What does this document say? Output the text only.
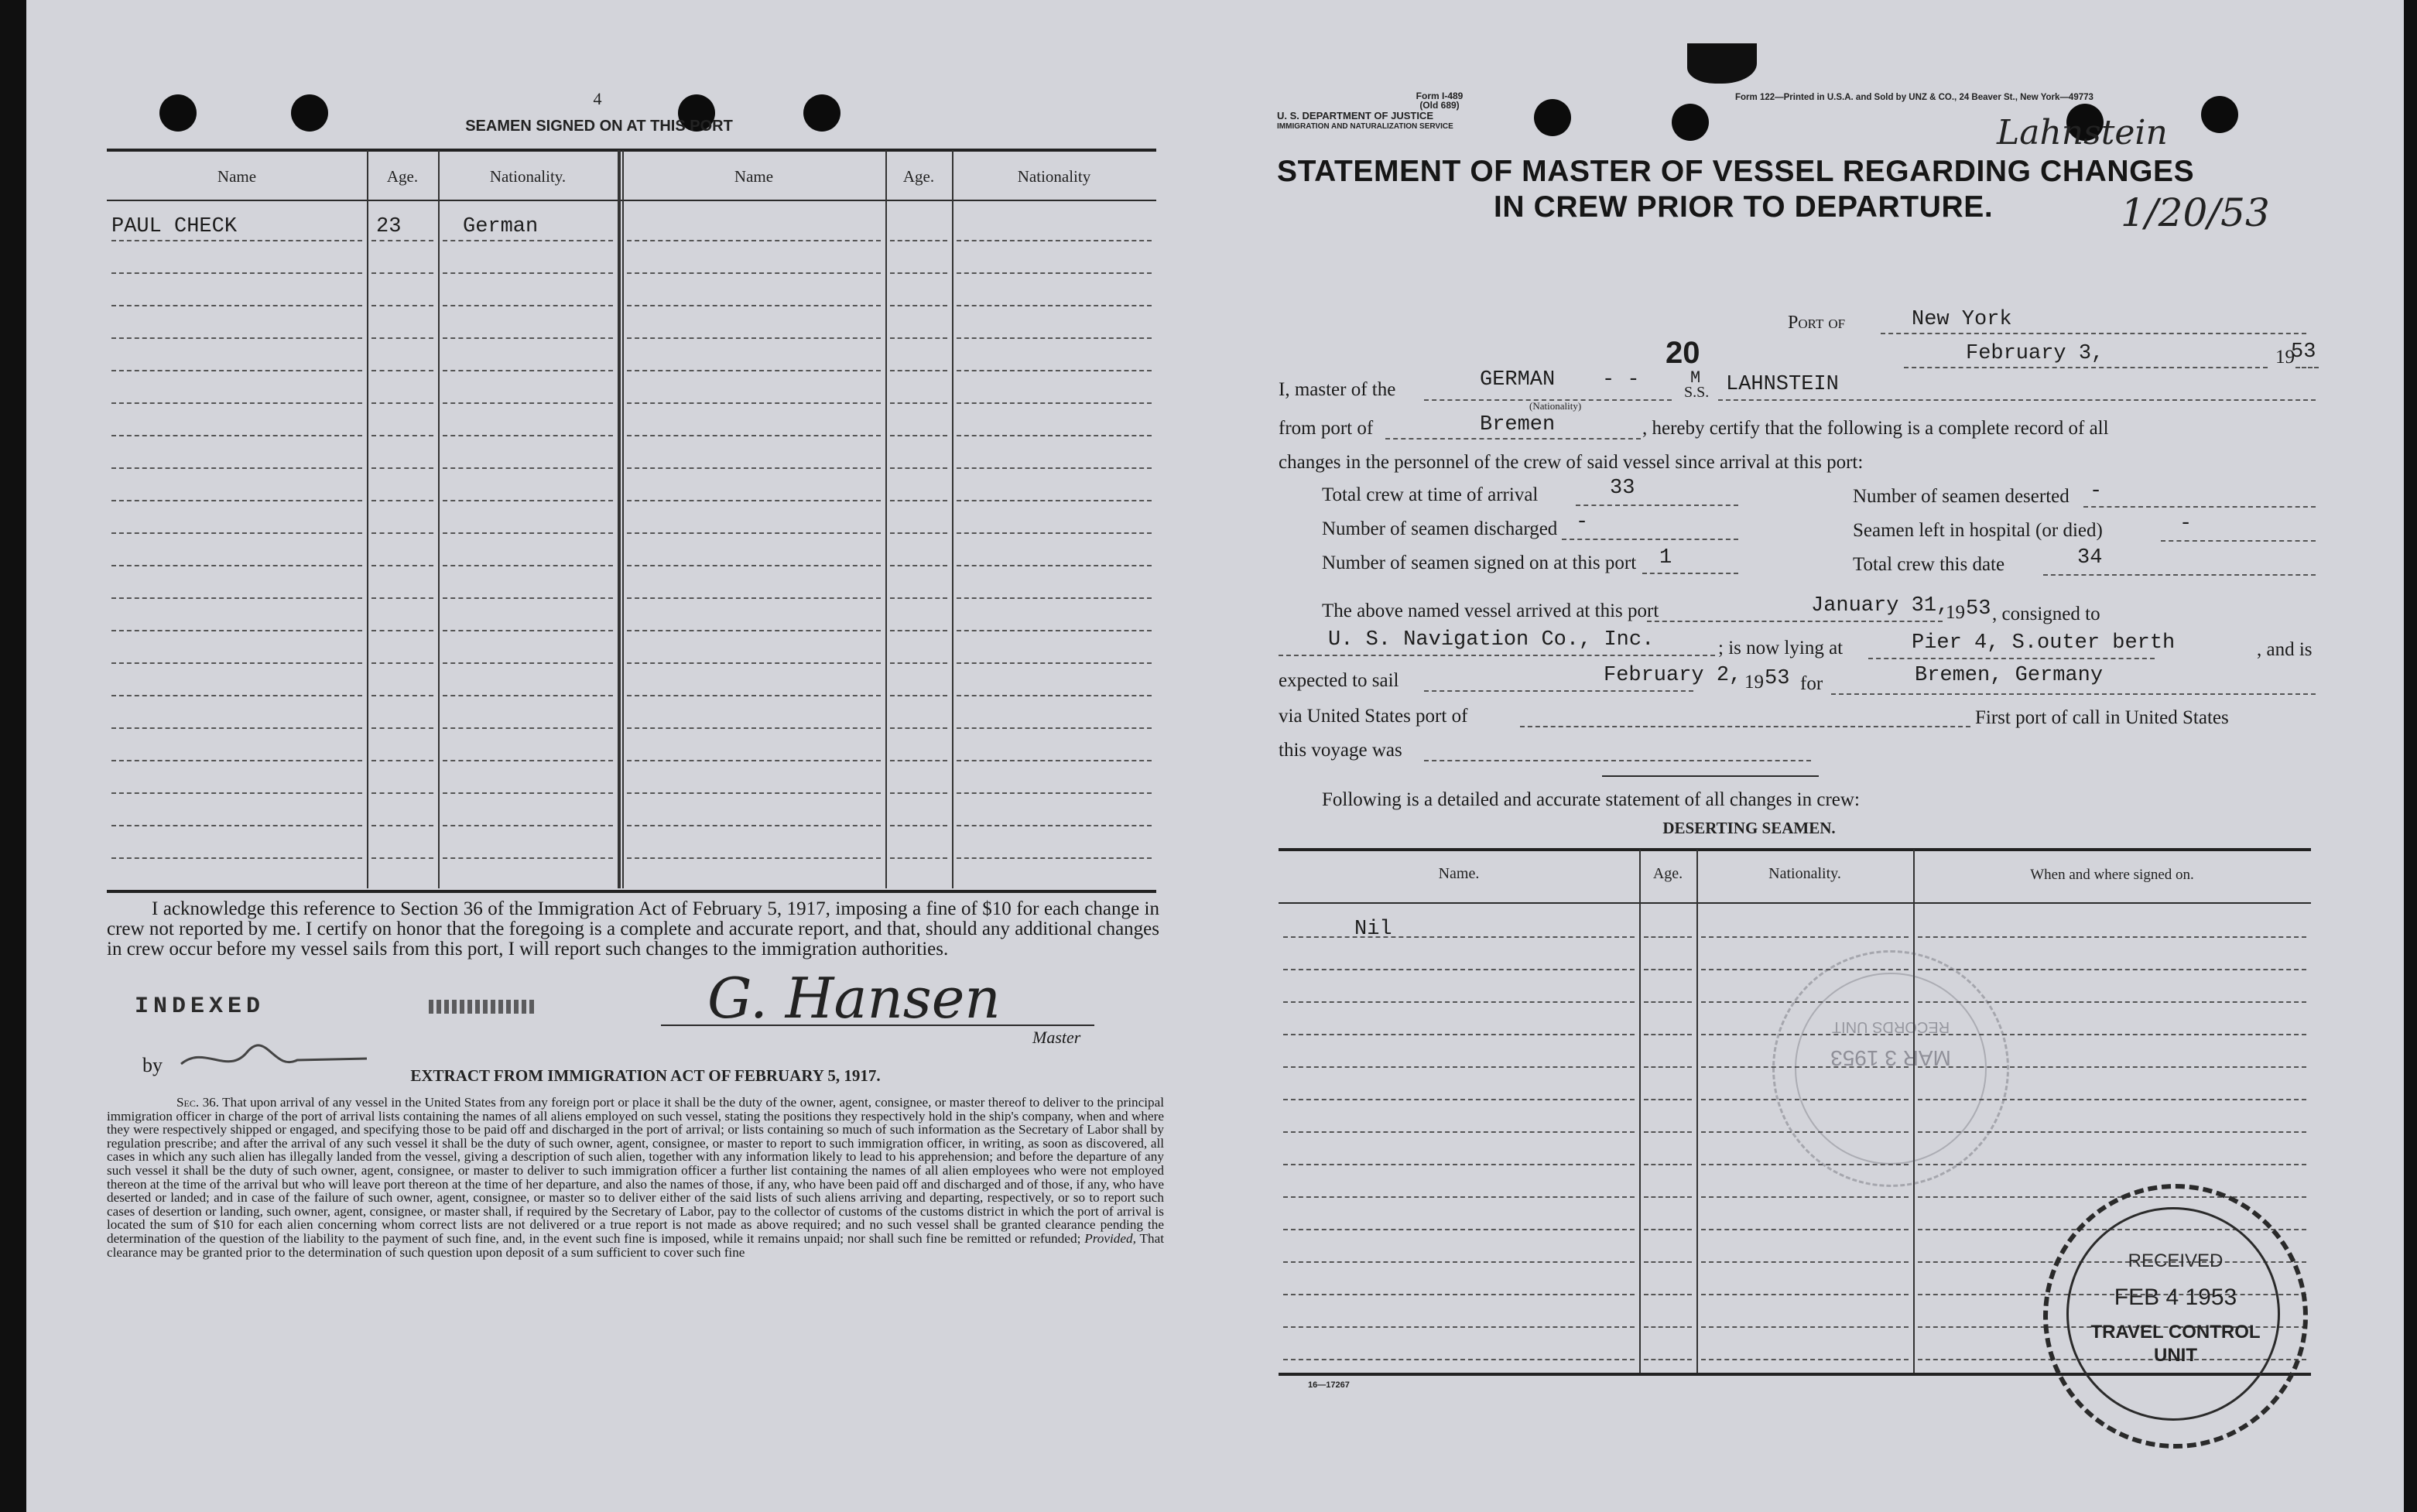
4
SEAMEN SIGNED ON AT THIS PORT
Name	Age.	Nationality.	Name	Age.	Nationality
PAUL CHECK	23	German
I acknowledge this reference to Section 36 of the Immigration Act of February 5, 1917, imposing a fine of $10 for each change in crew not reported by me. I certify on honor that the foregoing is a complete and accurate report, and that, should any additional changes in crew occur before my vessel sails from this port, I will report such changes to the immigration authorities.
INDEXED
by
G. Hansen
Master
EXTRACT FROM IMMIGRATION ACT OF FEBRUARY 5, 1917.
Sec. 36. That upon arrival of any vessel in the United States from any foreign port or place it shall be the duty of the owner, agent, consignee, or master thereof to deliver to the principal immigration officer in charge of the port of arrival lists containing the names of all aliens employed on such vessel, stating the positions they respectively hold in the ship's company, when and where they were respectively shipped or engaged, and specifying those to be paid off and discharged in the port of arrival; or lists containing so much of such information as the Secretary of Labor shall by regulation prescribe; and after the arrival of any such vessel it shall be the duty of such owner, agent, consignee, or master to report to such immigration officer, in writing, as soon as discovered, all cases in which any such alien has illegally landed from the vessel, giving a description of such alien, together with any information likely to lead to his apprehension; and before the departure of any such vessel it shall be the duty of such owner, agent, consignee, or master to deliver to such immigration officer a further list containing the names of all alien employees who were not employed thereon at the time of the arrival but who will leave port thereon at the time of her departure, and also the names of those, if any, who have been paid off and discharged and of those, if any, who have deserted or landed; and in case of the failure of such owner, agent, consignee, or master so to deliver either of the said lists of such aliens arriving and departing, respectively, or so to report such cases of desertion or landing, such owner, agent, consignee, or master shall, if required by the Secretary of Labor, pay to the collector of customs of the customs district in which the port of arrival is located the sum of $10 for each alien concerning whom correct lists are not delivered or a true report is not made as above required; and no such vessel shall be granted clearance pending the determination of the question of the liability to the payment of such fine, and, in the event such fine is imposed, while it remains unpaid; nor shall such fine be remitted or refunded; Provided, That clearance may be granted prior to the determination of such question upon deposit of a sum sufficient to cover such fine
Form I-489
(Old 689)
U. S. DEPARTMENT OF JUSTICE
IMMIGRATION AND NATURALIZATION SERVICE
Form 122—Printed in U.S.A. and Sold by UNZ & CO., 24 Beaver St., New York—49773
Lahnstein
1/20/53
STATEMENT OF MASTER OF VESSEL REGARDING CHANGES
IN CREW PRIOR TO DEPARTURE.
Port of	New York
20	February 3,	19
53
I, master of the	GERMAN - -
(Nationality)
M
S.S. LAHNSTEIN
from port of	Bremen	, hereby certify that the following is a complete record of all
changes in the personnel of the crew of said vessel since arrival at this port:
Total crew at time of arrival	33	Number of seamen deserted -
Number of seamen discharged -	Seamen left in hospital (or died)	-
Number of seamen signed on at this port 1	Total crew this date	34
The above named vessel arrived at this port	January 31,
19 53 , consigned to
U. S. Navigation Co., Inc.	; is now lying at	Pier 4, S.outer berth	, and is
expected to sail	February 2, 19 53 for	Bremen, Germany
via United States port of	First port of call in United States
this voyage was
Following is a detailed and accurate statement of all changes in crew:
DESERTING SEAMEN.
Name.	Age.	Nationality.	When and where signed on.
Nil
16—17267
MAR 3 1953
RECORDS UNIT
RECEIVED
FEB 4 1953
TRAVEL CONTROL
UNIT
